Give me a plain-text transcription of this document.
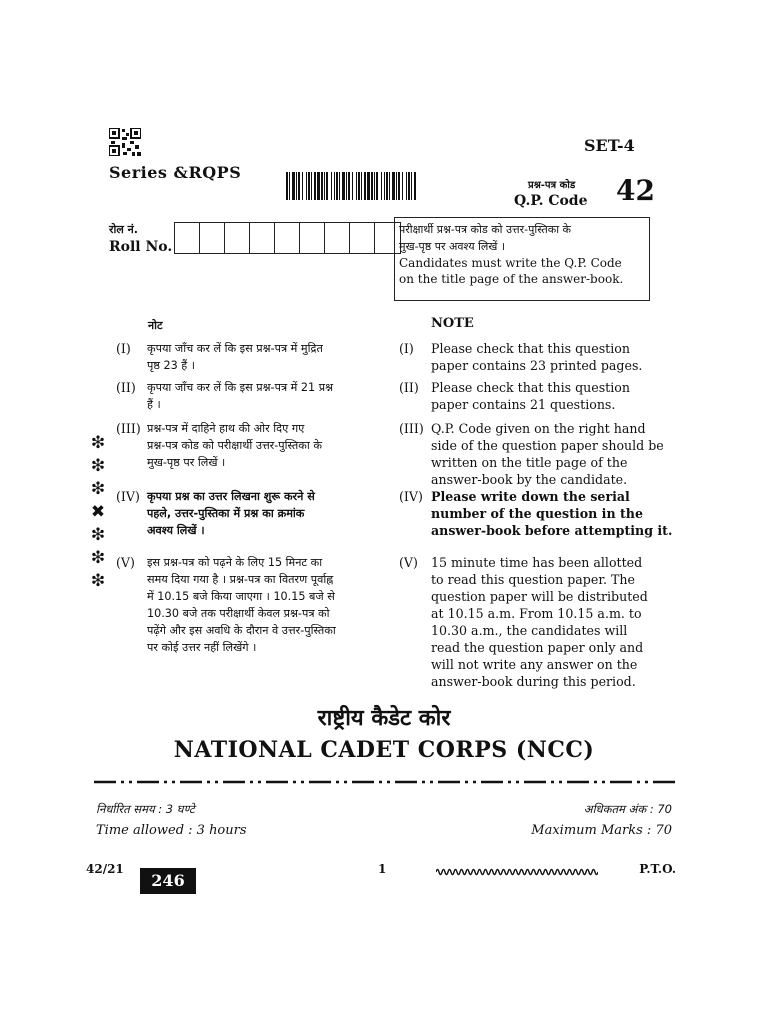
SET-4
Series &RQPS
प्रश्न-पत्र कोड
Q.P. Code 42
रोल नं.
Roll No.
परीक्षार्थी प्रश्न-पत्र कोड को उत्तर-पुस्तिका के
मुख-पृष्ठ पर अवश्य लिखें ।
Candidates must write the Q.P. Code
on the title page of the answer-book.
नोट	NOTE
(I) कृपया जाँच कर लें कि इस प्रश्न-पत्र में मुद्रित
पृष्ठ 23 हैं ।
(II) कृपया जाँच कर लें कि इस प्रश्न-पत्र में 21 प्रश्न
हैं ।
(III) प्रश्न-पत्र में दाहिने हाथ की ओर दिए गए
प्रश्न-पत्र कोड को परीक्षार्थी उत्तर-पुस्तिका के
मुख-पृष्ठ पर लिखें ।
(IV) कृपया प्रश्न का उत्तर लिखना शुरू करने से
पहले, उत्तर-पुस्तिका में प्रश्न का क्रमांक
अवश्य लिखें ।
(V) इस प्रश्न-पत्र को पढ़ने के लिए 15 मिनट का
समय दिया गया है । प्रश्न-पत्र का वितरण पूर्वाह्न
में 10.15 बजे किया जाएगा । 10.15 बजे से
10.30 बजे तक परीक्षार्थी केवल प्रश्न-पत्र को
पढ़ेंगे और इस अवधि के दौरान वे उत्तर-पुस्तिका
पर कोई उत्तर नहीं लिखेंगे ।
(I) Please check that this question
paper contains 23 printed pages.
(II) Please check that this question
paper contains 21 questions.
(III) Q.P. Code given on the right hand
side of the question paper should be
written on the title page of the
answer-book by the candidate.
(IV) Please write down the serial
number of the question in the
answer-book before attempting it.
(V) 15 minute time has been allotted
to read this question paper. The
question paper will be distributed
at 10.15 a.m. From 10.15 a.m. to
10.30 a.m., the candidates will
read the question paper only and
will not write any answer on the
answer-book during this period.
❇
❇
❇
✖
❇
❇
❇
राष्ट्रीय कैडेट कोर
NATIONAL CADET CORPS (NCC)
निर्धारित समय : 3 घण्टे
Time allowed : 3 hours
अधिकतम अंक : 70
Maximum Marks : 70
42/21
246
1	P.T.O.
